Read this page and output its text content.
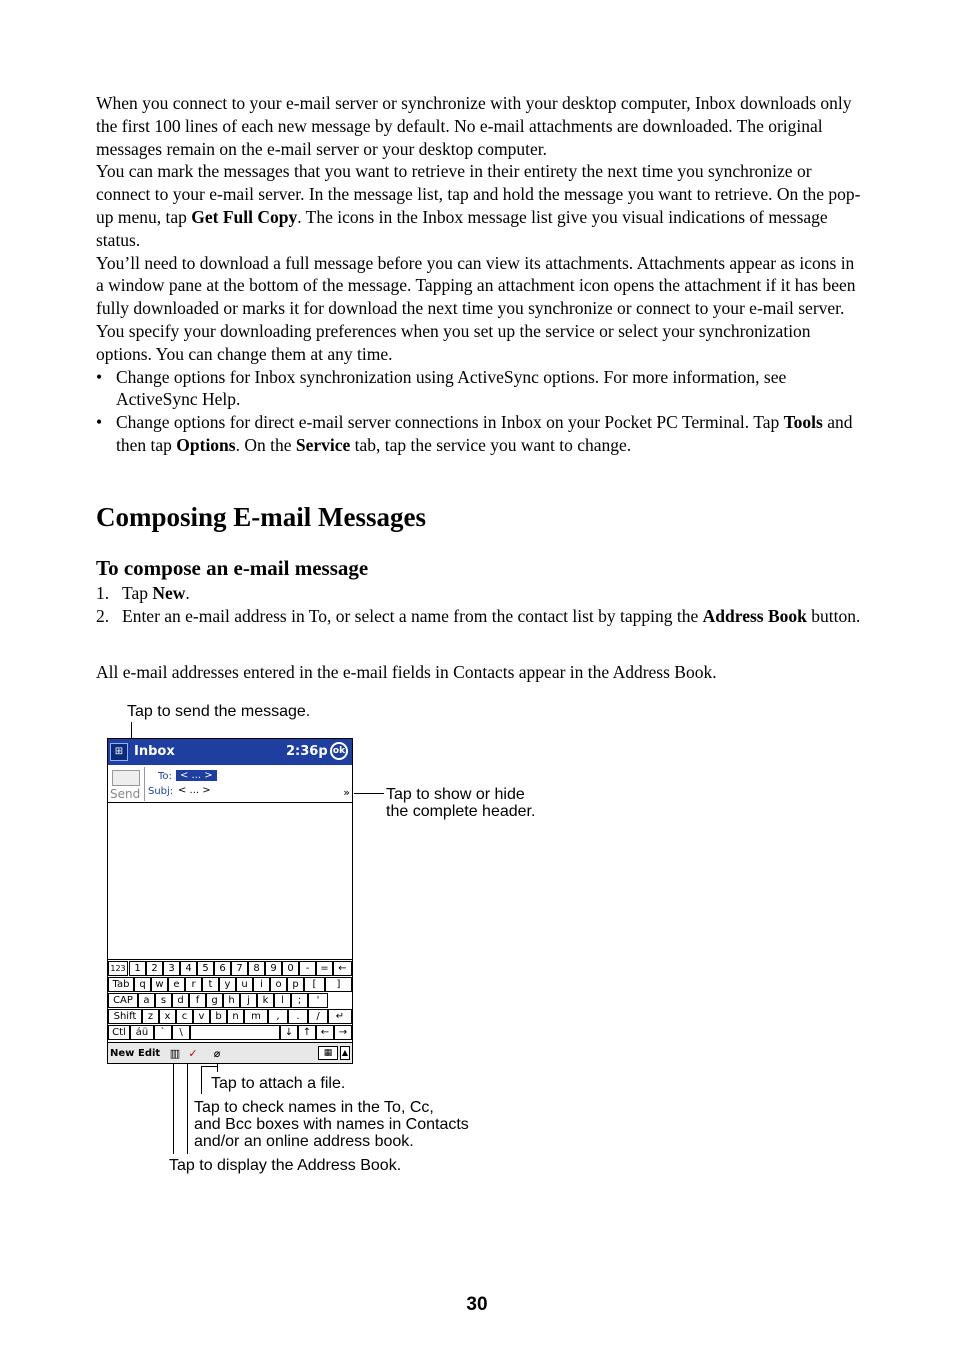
When you connect to your e-mail server or synchronize with your desktop computer, Inbox downloads only the first 100 lines of each new message by default. No e-mail attachments are downloaded. The original messages remain on the e-mail server or your desktop computer.

You can mark the messages that you want to retrieve in their entirety the next time you synchronize or connect to your e-mail server. In the message list, tap and hold the message you want to retrieve. On the pop-up menu, tap Get Full Copy. The icons in the Inbox message list give you visual indications of message status.

You’ll need to download a full message before you can view its attachments. Attachments appear as icons in a window pane at the bottom of the message. Tapping an attachment icon opens the attachment if it has been fully downloaded or marks it for download the next time you synchronize or connect to your e-mail server.

You specify your downloading preferences when you set up the service or select your synchronization options. You can change them at any time.

• Change options for Inbox synchronization using ActiveSync options. For more information, see ActiveSync Help.
• Change options for direct e-mail server connections in Inbox on your Pocket PC Terminal. Tap Tools and then tap Options. On the Service tab, tap the service you want to change.
Composing E-mail Messages
To compose an e-mail message
1. Tap New.
2. Enter an e-mail address in To, or select a name from the contact list by tapping the Address Book button.
All e-mail addresses entered in the e-mail fields in Contacts appear in the Address Book.
Tap to send the message.
Tap to show or hide
the complete header.
Tap to attach a file.
Tap to check names in the To, Cc,
and Bcc boxes with names in Contacts
and/or an online address book.
Tap to display the Address Book.
⊞ Inbox	2:36p ok
Send
To: < ... >
Subj: < ... >	»
123 1	2	3	4	5	6	7	8	9	0	-	= ←
Tab q w e	r	t	y	u	i	o	p	[	]
CAP	a	s	d	f	g	h	j	k	l	;	'
Shift	z	x	c	v	b	n	m	,	.	/	↵
Ctl áü	`	\	↓ ↑ ← →
New Edit ▥ ✓	⌀	▦	▲
30
